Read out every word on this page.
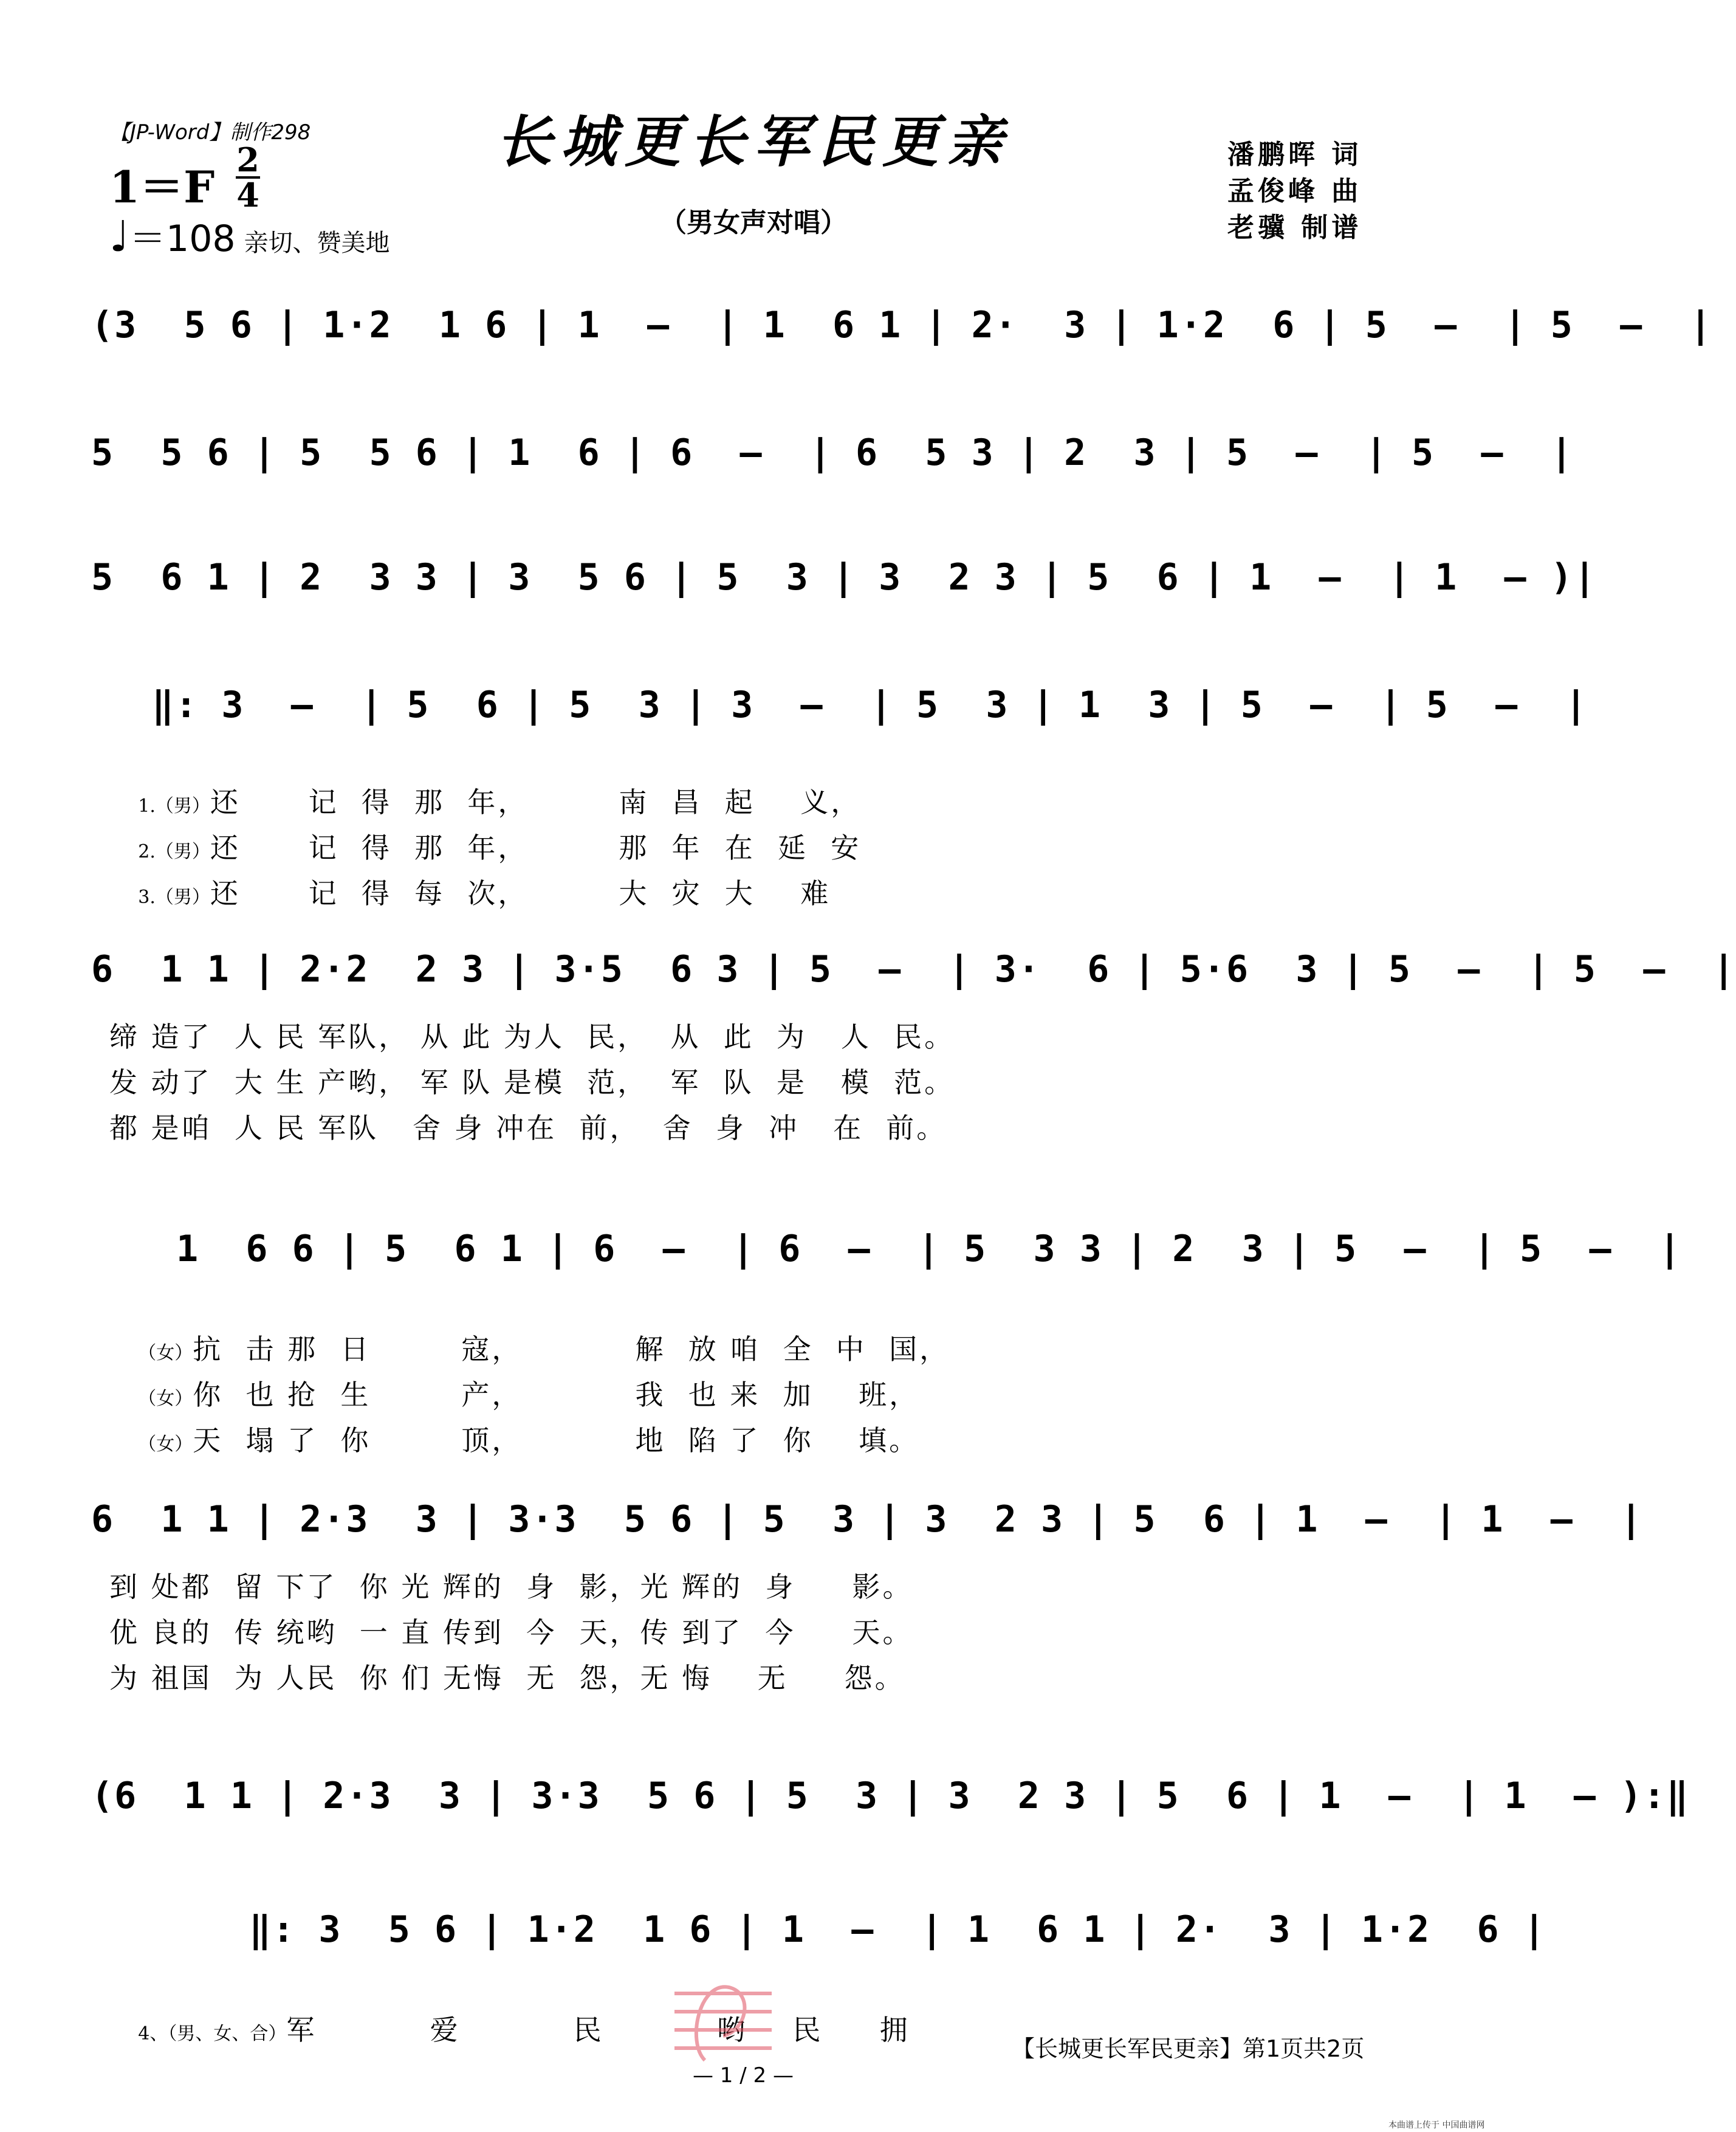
【JP-Word】制作298	长城更长军民更亲
（男女声对唱）
1＝F
2
4
♩＝108 亲切、赞美地
潘鹏晖 词
孟俊峰 曲
老骥 制谱
(3  5 6 | 1·2  1 6 | 1  –  | 1  6 1 | 2·  3 | 1·2  6 | 5  –  | 5  –  |
5  5 6 | 5  5 6 | 1  6 | 6  –  | 6  5 3 | 2  3 | 5  –  | 5  –  |
5  6 1 | 2  3 3 | 3  5 6 | 5  3 | 3  2 3 | 5  6 | 1  –  | 1  – )|
‖: 3  –  | 5  6 | 5  3 | 3  –  | 5  3 | 1  3 | 5  –  | 5  –  |

1.（男）还      记  得  那  年，        南  昌  起    义，

2.（男）还      记  得  那  年，        那  年  在  延  安

3.（男）还      记  得  每  次，        大  灾  大    难

6  1 1 | 2·2  2 3 | 3·5  6 3 | 5  –  | 3·  6 | 5·6  3 | 5  –  | 5  –  |
缔 造了  人 民 军队， 从 此 为人  民，  从  此  为   人  民。
发 动了  大 生 产哟， 军 队 是模  范，  军  队  是   模  范。
都 是咱  人 民 军队   舍 身 冲在  前，  舍  身  冲   在  前。
1  6 6 | 5  6 1 | 6  –  | 6  –  | 5  3 3 | 2  3 | 5  –  | 5  –  |

（女）抗  击 那  日        寇，          解  放 咱  全  中  国，

（女）你  也 抢  生        产，          我  也 来  加    班，

（女）天  塌 了  你        顶，          地  陷 了  你    填。

6  1 1 | 2·3  3 | 3·3  5 6 | 5  3 | 3  2 3 | 5  6 | 1  –  | 1  –  |
到 处都  留 下了  你 光 辉的  身  影，光 辉的  身     影。
优 良的  传 统哟  一 直 传到  今  天，传 到了  今     天。
为 祖国  为 人民  你 们 无悔  无  怨，无 悔    无     怨。
(6  1 1 | 2·3  3 | 3·3  5 6 | 5  3 | 3  2 3 | 5  6 | 1  –  | 1  – ):‖
‖: 3  5 6 | 1·2  1 6 | 1  –  | 1  6 1 | 2·  3 | 1·2  6 |

4、（男、女、合）军          爱          民          哟    民     拥

【长城更长军民更亲】第1页共2页
— 1 / 2 —
本曲谱上传于 中国曲谱网
